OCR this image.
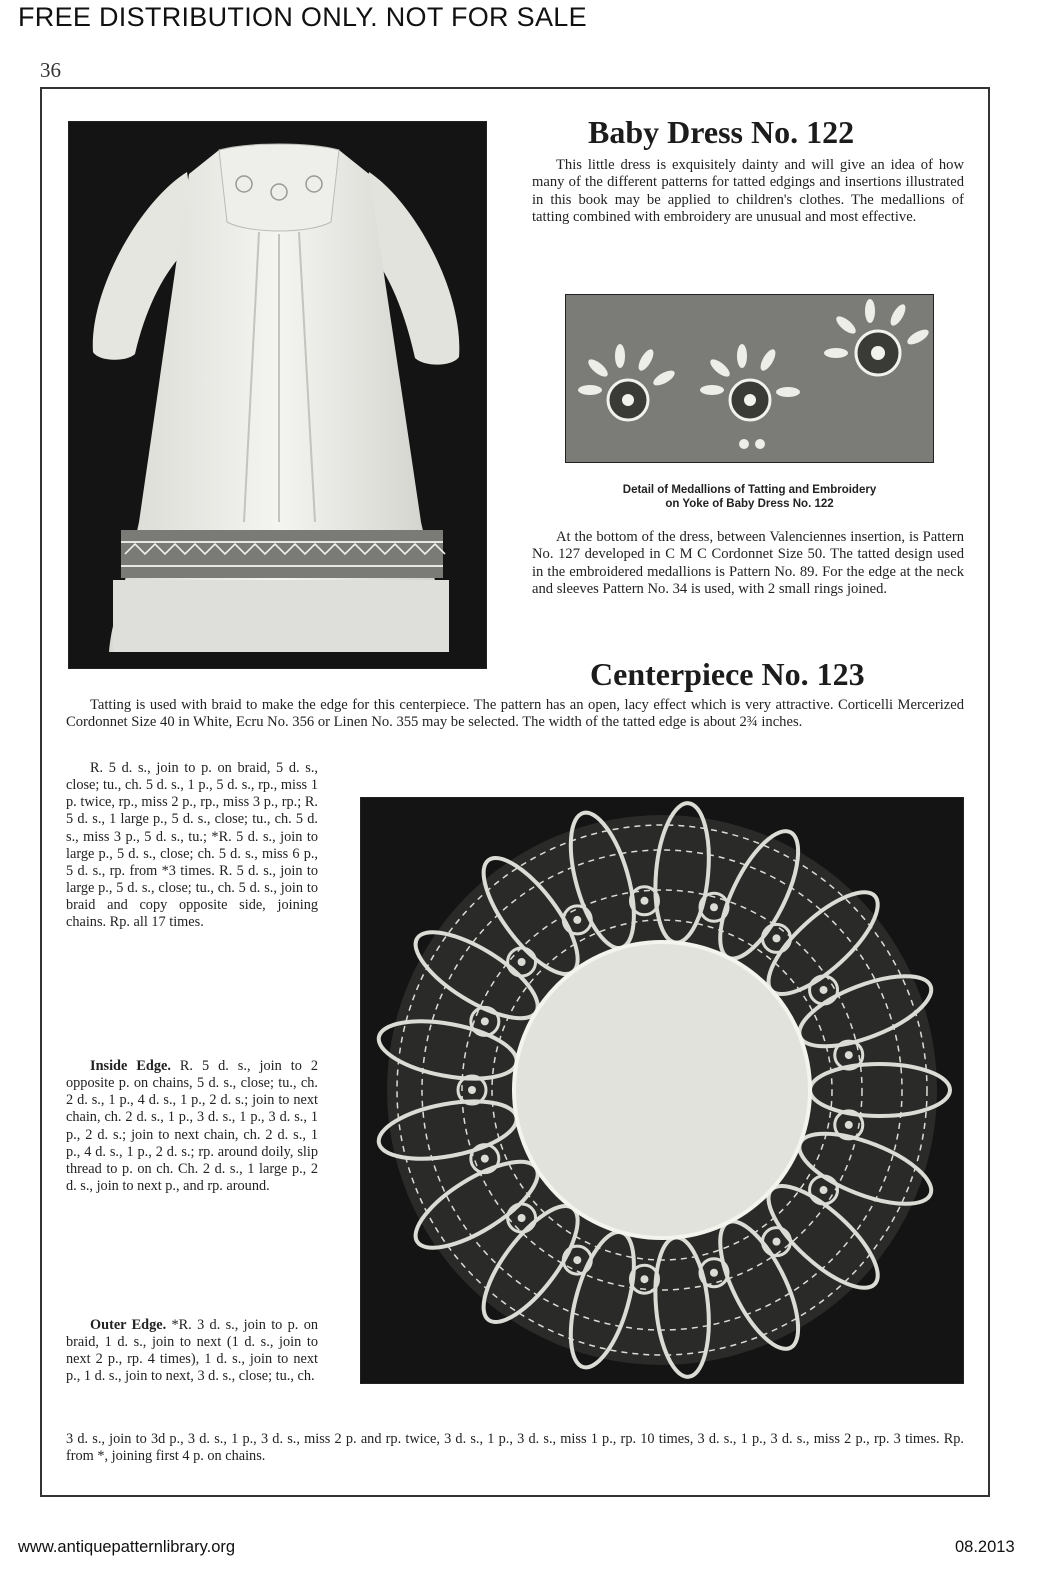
FREE DISTRIBUTION ONLY. NOT FOR SALE
36
Baby Dress No. 122
This little dress is exquisitely dainty and will give an idea of how many of the different patterns for tatted edgings and insertions illustrated in this book may be applied to children's clothes. The medallions of tatting combined with embroidery are unusual and most effective.
Detail of Medallions of Tatting and Embroidery
on Yoke of Baby Dress No. 122
At the bottom of the dress, between Valenciennes insertion, is Pattern No. 127 developed in C M C Cordonnet Size 50. The tatted design used in the embroidered medallions is Pattern No. 89. For the edge at the neck and sleeves Pattern No. 34 is used, with 2 small rings joined.
Centerpiece No. 123
Tatting is used with braid to make the edge for this centerpiece. The pattern has an open, lacy effect which is very attractive. Corticelli Mercerized Cordonnet Size 40 in White, Ecru No. 356 or Linen No. 355 may be selected. The width of the tatted edge is about 2¾ inches.
R. 5 d. s., join to p. on braid, 5 d. s., close; tu., ch. 5 d. s., 1 p., 5 d. s., rp., miss 1 p. twice, rp., miss 2 p., rp., miss 3 p., rp.; R. 5 d. s., 1 large p., 5 d. s., close; tu., ch. 5 d. s., miss 3 p., 5 d. s., tu.; *R. 5 d. s., join to large p., 5 d. s., close; ch. 5 d. s., miss 6 p., 5 d. s., rp. from *3 times. R. 5 d. s., join to large p., 5 d. s., close; tu., ch. 5 d. s., join to braid and copy opposite side, joining chains. Rp. all 17 times.
Inside Edge. R. 5 d. s., join to 2 opposite p. on chains, 5 d. s., close; tu., ch. 2 d. s., 1 p., 4 d. s., 1 p., 2 d. s.; join to next chain, ch. 2 d. s., 1 p., 3 d. s., 1 p., 3 d. s., 1 p., 2 d. s.; join to next chain, ch. 2 d. s., 1 p., 4 d. s., 1 p., 2 d. s.; rp. around doily, slip thread to p. on ch. Ch. 2 d. s., 1 large p., 2 d. s., join to next p., and rp. around.
Outer Edge. *R. 3 d. s., join to p. on braid, 1 d. s., join to next (1 d. s., join to next 2 p., rp. 4 times), 1 d. s., join to next p., 1 d. s., join to next, 3 d. s., close; tu., ch.
3 d. s., join to 3d p., 3 d. s., 1 p., 3 d. s., miss 2 p. and rp. twice, 3 d. s., 1 p., 3 d. s., miss 1 p., rp. 10 times, 3 d. s., 1 p., 3 d. s., miss 2 p., rp. 3 times. Rp. from *, joining first 4 p. on chains.
www.antiquepatternlibrary.org	08.2013
